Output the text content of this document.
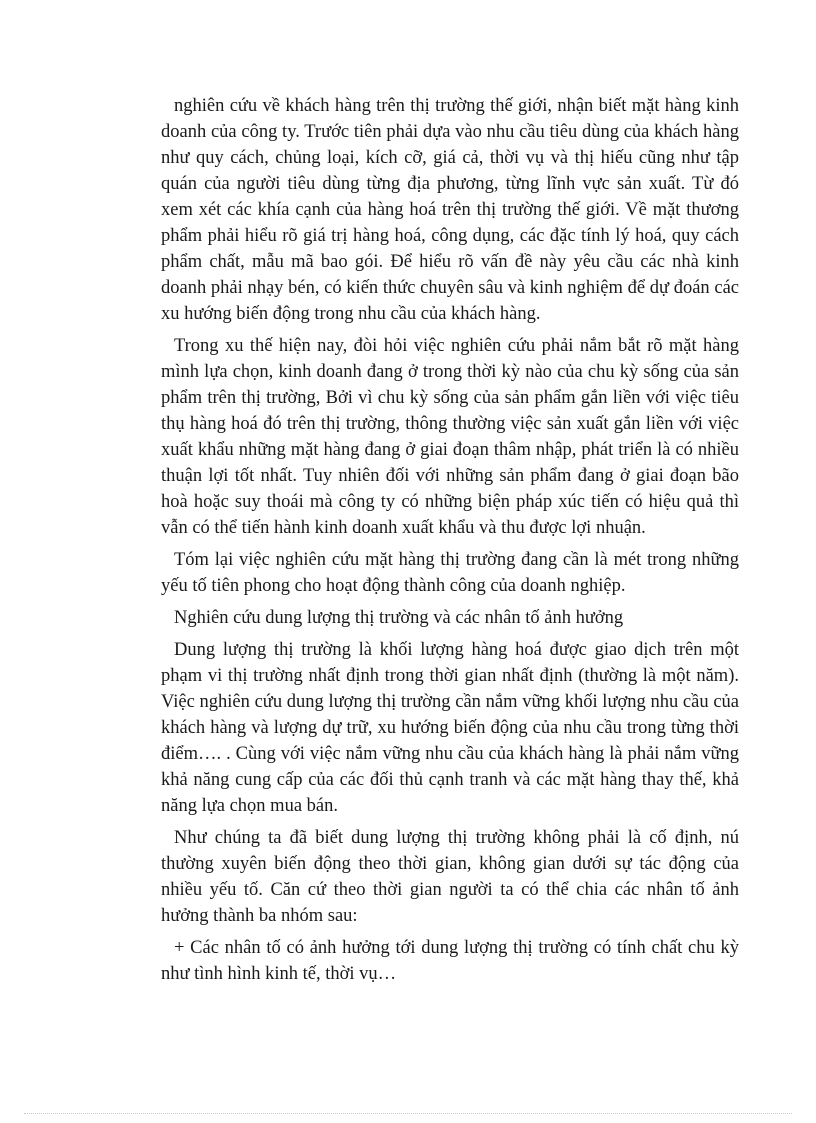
nghiên cứu về khách hàng trên thị trường thế giới, nhận biết mặt hàng kinh doanh của công ty. Trước tiên phải dựa vào nhu cầu tiêu dùng của khách hàng như quy cách, chủng loại, kích cỡ, giá cả, thời vụ và thị hiếu cũng như tập quán của người tiêu dùng từng địa phương, từng lĩnh vực sản xuất. Từ đó xem xét các khía cạnh của hàng hoá trên thị trường thế giới. Về mặt thương phẩm phải hiểu rõ giá trị hàng hoá, công dụng, các đặc tính lý hoá, quy cách phẩm chất, mẫu mã bao gói. Để hiểu rõ vấn đề này yêu cầu các nhà kinh doanh phải nhạy bén, có kiến thức chuyên sâu và kinh nghiệm để dự đoán các xu hướng biến động trong nhu cầu của khách hàng.

Trong xu thế hiện nay, đòi hỏi việc nghiên cứu phải nắm bắt rõ mặt hàng mình lựa chọn, kinh doanh đang ở trong thời kỳ nào của chu kỳ sống của sản phẩm trên thị trường, Bởi vì chu kỳ sống của sản phẩm gắn liền với việc tiêu thụ hàng hoá đó trên thị trường, thông thường việc sản xuất gắn liền với việc xuất khẩu những mặt hàng đang ở giai đoạn thâm nhập, phát triển là có nhiều thuận lợi tốt nhất. Tuy nhiên đối với những sản phẩm đang ở giai đoạn bão hoà hoặc suy thoái mà công ty có những biện pháp xúc tiến có hiệu quả thì vẫn có thể tiến hành kinh doanh xuất khẩu và thu được lợi nhuận.

Tóm lại việc nghiên cứu mặt hàng thị trường đang cần là mét trong những yếu tố tiên phong cho hoạt động thành công của doanh nghiệp.

Nghiên cứu dung lượng thị trường và các nhân tố ảnh hưởng

Dung lượng thị trường là khối lượng hàng hoá được giao dịch trên một phạm vi thị trường nhất định trong thời gian nhất định (thường là một năm). Việc nghiên cứu dung lượng thị trường cần nắm vững khối lượng nhu cầu của khách hàng và lượng dự trữ, xu hướng biến động của nhu cầu trong từng thời điểm…. . Cùng với việc nắm vững nhu cầu của khách hàng là phải nắm vững khả năng cung cấp của các đối thủ cạnh tranh và các mặt hàng thay thế, khả năng lựa chọn mua bán.

Như chúng ta đã biết dung lượng thị trường không phải là cố định, nú thường xuyên biến động theo thời gian, không gian dưới sự tác động của nhiều yếu tố. Căn cứ theo thời gian người ta có thể chia các nhân tố ảnh hưởng thành ba nhóm sau:

+ Các nhân tố có ảnh hưởng tới dung lượng thị trường có tính chất chu kỳ như tình hình kinh tế, thời vụ…
